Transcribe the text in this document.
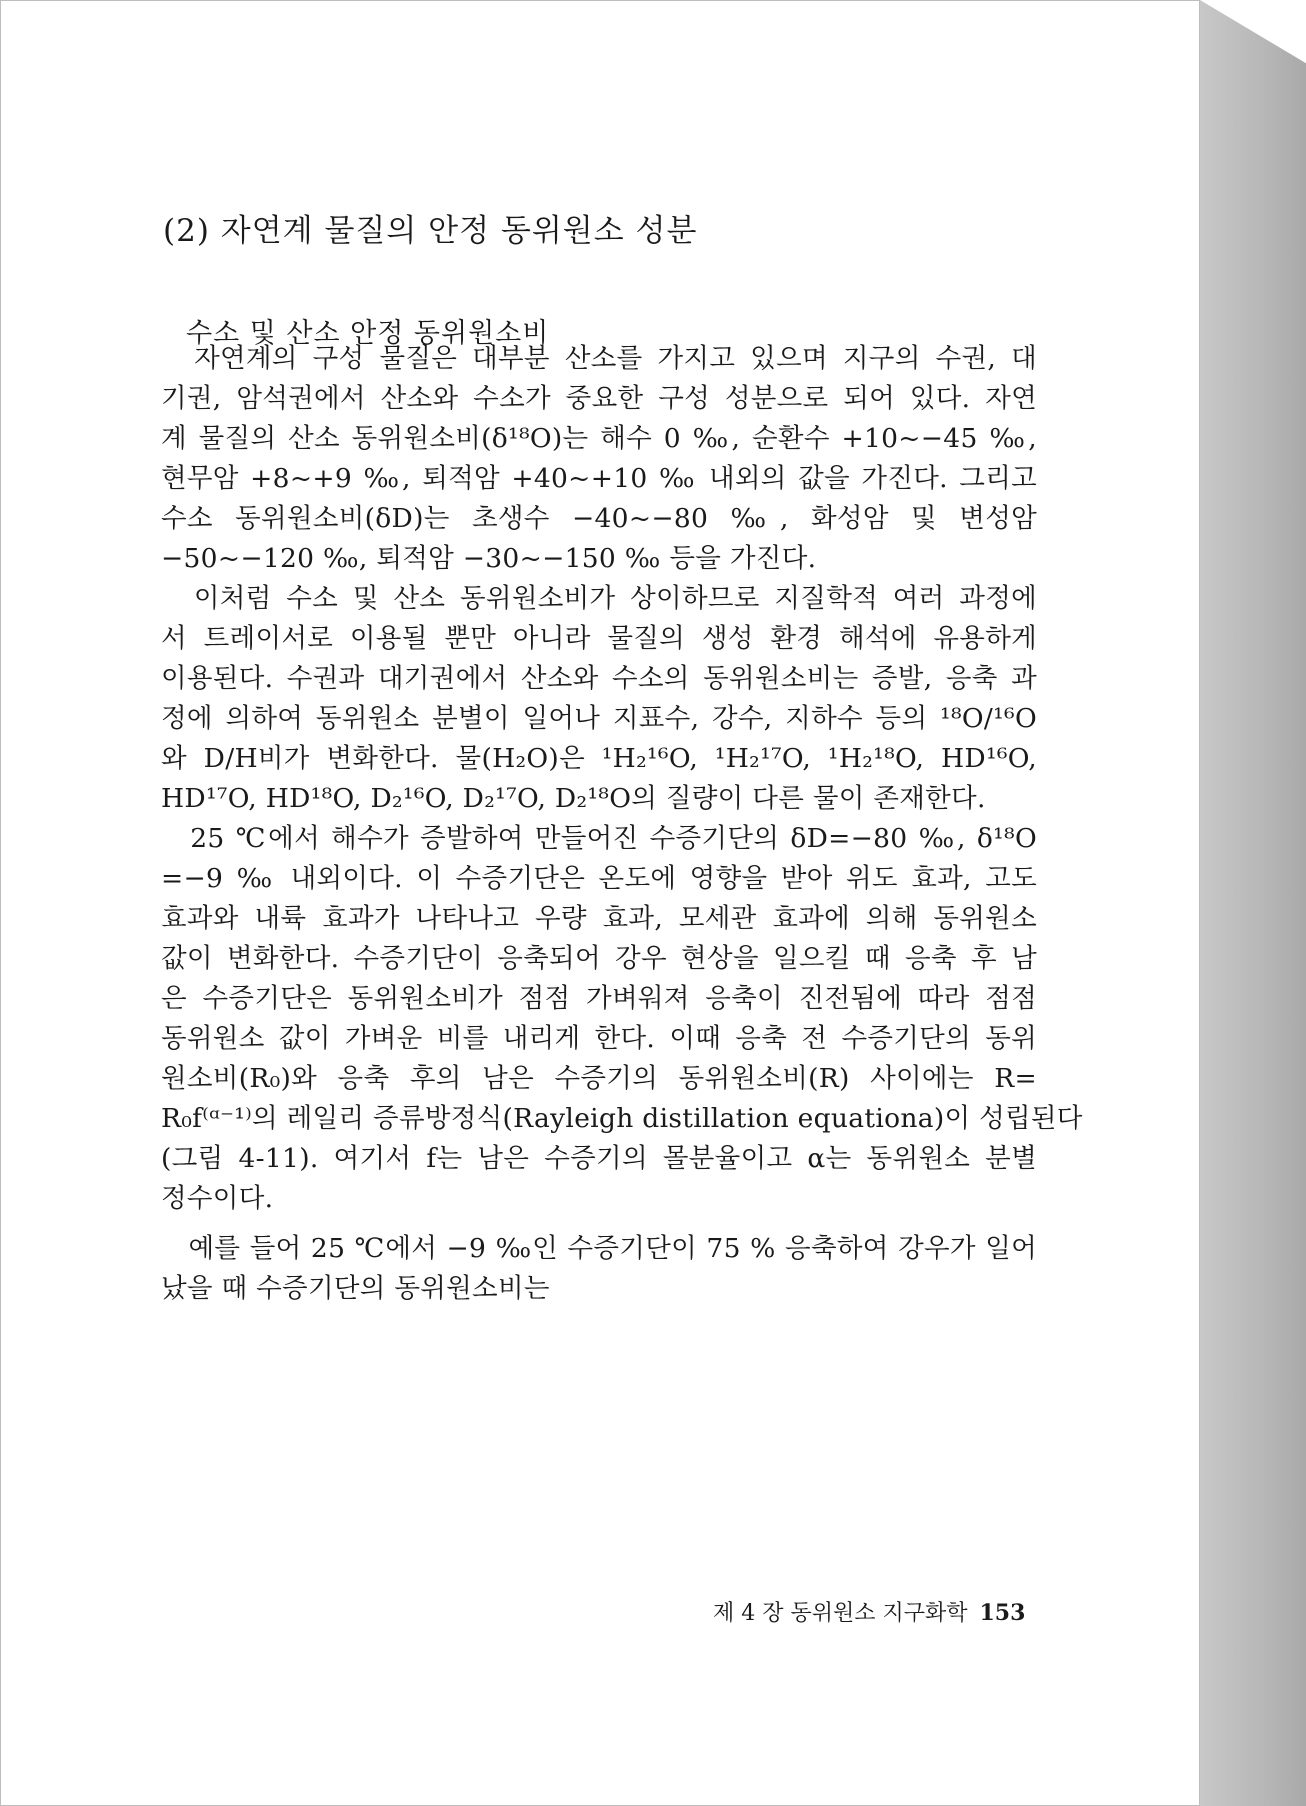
(2) 자연계 물질의 안정 동위원소 성분
수소 및 산소 안정 동위원소비

　자연계의 구성 물질은 대부분 산소를 가지고 있으며 지구의 수권, 대

기권, 암석권에서 산소와 수소가 중요한 구성 성분으로 되어 있다. 자연

계 물질의 산소 동위원소비(δ¹⁸O)는 해수 0 ‰, 순환수 +10~−45 ‰,

현무암 +8~+9 ‰, 퇴적암 +40~+10 ‰ 내외의 값을 가진다. 그리고

수소 동위원소비(δD)는 초생수 −40~−80 ‰, 화성암 및 변성암

−50~−120 ‰, 퇴적암 −30~−150 ‰ 등을 가진다.

　이처럼 수소 및 산소 동위원소비가 상이하므로 지질학적 여러 과정에

서 트레이서로 이용될 뿐만 아니라 물질의 생성 환경 해석에 유용하게

이용된다. 수권과 대기권에서 산소와 수소의 동위원소비는 증발, 응축 과

정에 의하여 동위원소 분별이 일어나 지표수, 강수, 지하수 등의 ¹⁸O/¹⁶O

와 D/H비가 변화한다. 물(H₂O)은 ¹H₂¹⁶O, ¹H₂¹⁷O, ¹H₂¹⁸O, HD¹⁶O,

HD¹⁷O, HD¹⁸O, D₂¹⁶O, D₂¹⁷O, D₂¹⁸O의 질량이 다른 물이 존재한다.

　25 ℃에서 해수가 증발하여 만들어진 수증기단의 δD=−80 ‰, δ¹⁸O

=−9 ‰ 내외이다. 이 수증기단은 온도에 영향을 받아 위도 효과, 고도

효과와 내륙 효과가 나타나고 우량 효과, 모세관 효과에 의해 동위원소

값이 변화한다. 수증기단이 응축되어 강우 현상을 일으킬 때 응축 후 남

은 수증기단은 동위원소비가 점점 가벼워져 응축이 진전됨에 따라 점점

동위원소 값이 가벼운 비를 내리게 한다. 이때 응축 전 수증기단의 동위

원소비(R₀)와 응축 후의 남은 수증기의 동위원소비(R) 사이에는 R=

R₀f⁽ᵅ⁻¹⁾의 레일리 증류방정식(Rayleigh distillation equationa)이 성립된다

(그림 4-11). 여기서 f는 남은 수증기의 몰분율이고 α는 동위원소 분별

정수이다.

　예를 들어 25 ℃에서 −9 ‰인 수증기단이 75 % 응축하여 강우가 일어

났을 때 수증기단의 동위원소비는

제 4 장 동위원소 지구화학 153
